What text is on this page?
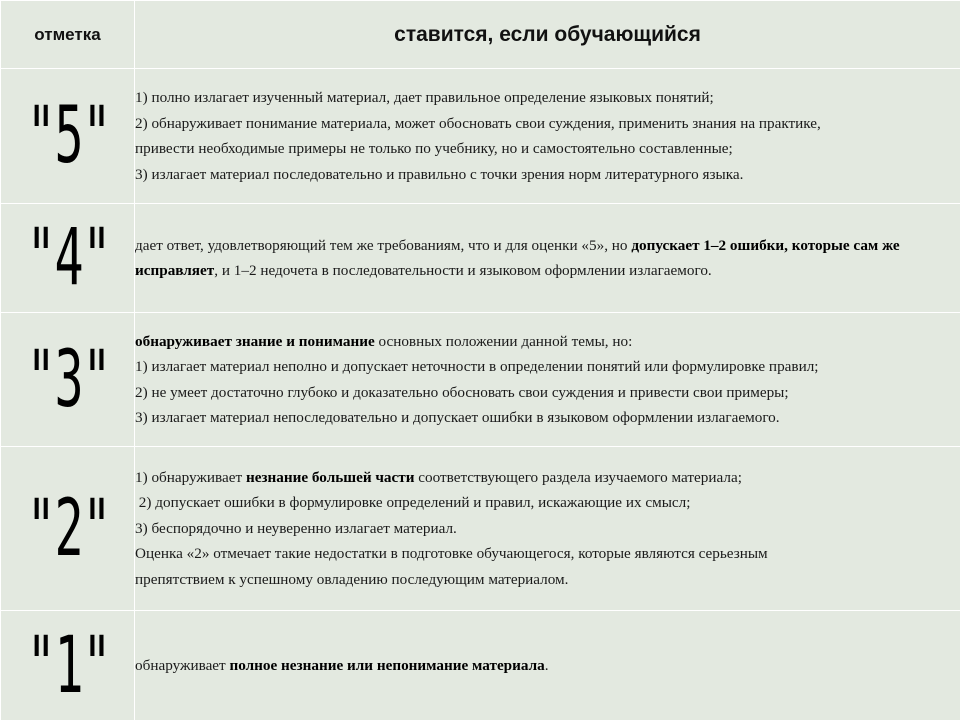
отметка	ставится, если обучающийся
"5"	1) полно излагает изученный материал, дает правильное определение языковых понятий;
2) обнаруживает понимание материала, может обосновать свои суждения, применить знания на практике,
привести необходимые примеры не только по учебнику, но и самостоятельно составленные;
3) излагает материал последовательно и правильно с точки зрения норм литературного языка.

"4"	дает ответ, удовлетворяющий тем же требованиям, что и для оценки «5», но допускает 1–2 ошибки, которые сам же исправляет, и 1–2 недочета в последовательности и языковом оформлении излагаемого.

"3"	обнаруживает знание и понимание основных положении данной темы, но:
1) излагает материал неполно и допускает неточности в определении понятий или формулировке правил;
2) не умеет достаточно глубоко и доказательно обосновать свои суждения и привести свои примеры;
3) излагает материал непоследовательно и допускает ошибки в языковом оформлении излагаемого.

"2"	1) обнаруживает незнание большей части соответствующего раздела изучаемого материала;
2) допускает ошибки в формулировке определений и правил, искажающие их смысл;
3) беспорядочно и неуверенно излагает материал.
Оценка «2» отмечает такие недостатки в подготовке обучающегося, которые являются серьезным
препятствием к успешному овладению последующим материалом.

"1"	обнаруживает полное незнание или непонимание материала.
